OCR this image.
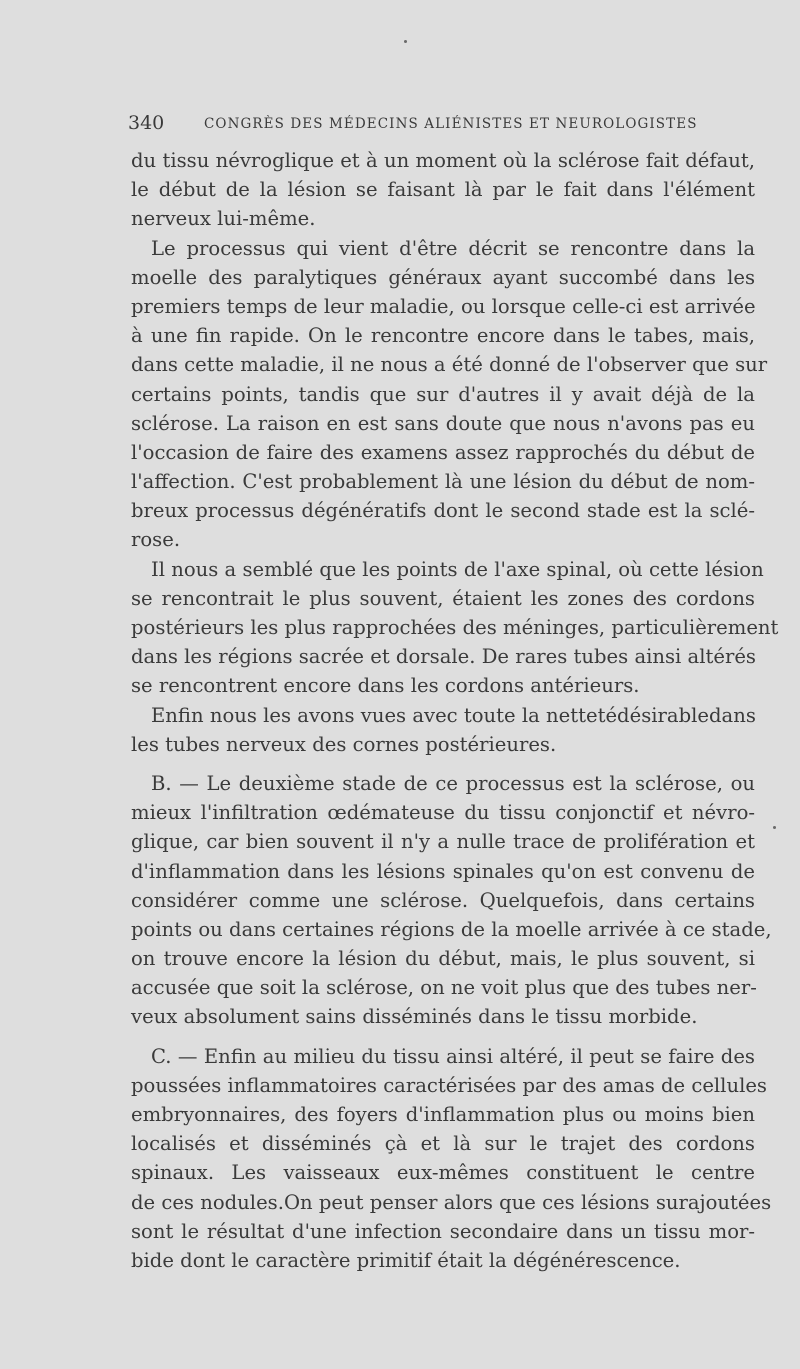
340	CONGRÈS DES MÉDECINS ALIÉNISTES ET NEUROLOGISTES
du tissu névroglique et à un moment où la sclérose fait défaut,
le début de la lésion se faisant là par le fait dans l'élément
nerveux lui-même.
Le processus qui vient d'être décrit se rencontre dans la
moelle des paralytiques généraux ayant succombé dans les
premiers temps de leur maladie, ou lorsque celle-ci est arrivée
à une fin rapide. On le rencontre encore dans le tabes, mais,
dans cette maladie, il ne nous a été donné de l'observer que sur
certains points, tandis que sur d'autres il y avait déjà de la
sclérose. La raison en est sans doute que nous n'avons pas eu
l'occasion de faire des examens assez rapprochés du début de
l'affection. C'est probablement là une lésion du début de nom-
breux processus dégénératifs dont le second stade est la sclé-
rose.
Il nous a semblé que les points de l'axe spinal, où cette lésion
se rencontrait le plus souvent, étaient les zones des cordons
postérieurs les plus rapprochées des méninges, particulièrement
dans les régions sacrée et dorsale. De rares tubes ainsi altérés
se rencontrent encore dans les cordons antérieurs.
Enfin nous les avons vues avec toute la nettetédésirabledans
les tubes nerveux des cornes postérieures.
B. — Le deuxième stade de ce processus est la sclérose, ou
mieux l'infiltration œdémateuse du tissu conjonctif et névro-
glique, car bien souvent il n'y a nulle trace de prolifération et
d'inflammation dans les lésions spinales qu'on est convenu de
considérer comme une sclérose. Quelquefois, dans certains
points ou dans certaines régions de la moelle arrivée à ce stade,
on trouve encore la lésion du début, mais, le plus souvent, si
accusée que soit la sclérose, on ne voit plus que des tubes ner-
veux absolument sains disséminés dans le tissu morbide.
C. — Enfin au milieu du tissu ainsi altéré, il peut se faire des
poussées inflammatoires caractérisées par des amas de cellules
embryonnaires, des foyers d'inflammation plus ou moins bien
localisés et disséminés çà et là sur le trajet des cordons
spinaux. Les vaisseaux eux-mêmes constituent le centre
de ces nodules.On peut penser alors que ces lésions surajoutées
sont le résultat d'une infection secondaire dans un tissu mor-
bide dont le caractère primitif était la dégénérescence.
